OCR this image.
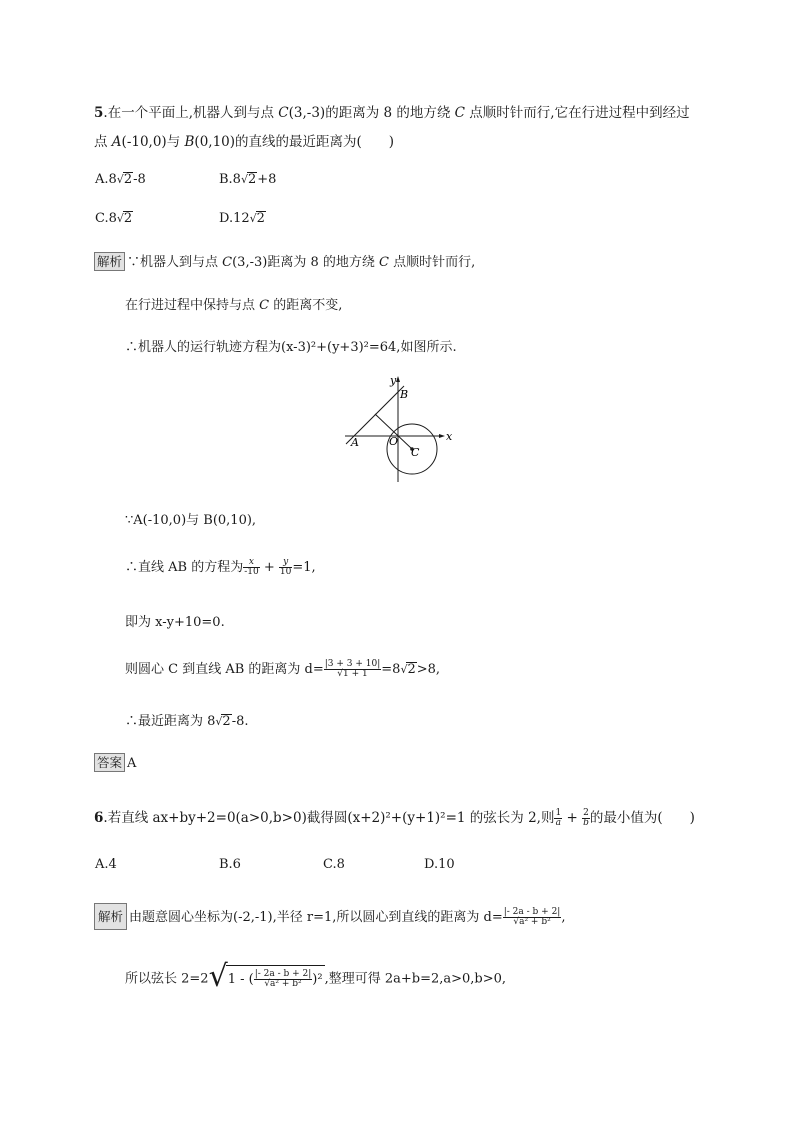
5.在一个平面上,机器人到与点 C(3,-3)的距离为 8 的地方绕 C 点顺时针而行,它在行进过程中到经过
点 A(-10,0)与 B(0,10)的直线的最近距离为(　　)
A.8√2-8	B.8√2+8
C.8√2	D.12√2
解析 ∵机器人到与点 C(3,-3)距离为 8 的地方绕 C 点顺时针而行,
在行进过程中保持与点 C 的距离不变,
∴机器人的运行轨迹方程为(x-3)²+(y+3)²=64,如图所示.
y
x
B
A	O
C
∵A(-10,0)与 B(0,10),
∴直线 AB 的方程为 $\frac{x}{-10} + \frac{y}{10} =1$,
即为 x-y+10=0.
则圆心 C 到直线 AB 的距离为 $d= \frac{|3 + 3 + 10|}{√1 + 1} =8√2>8$,
∴最近距离为 8√2-8.
答案 A
6.若直线 ax+by+2=0(a>0,b>0)截得圆(x+2)²+(y+1)²=1 的弦长为 2,则 $\frac{1}{a} + \frac{2}{b}$ 的最小值为(　　)
A.4	B.6	C.8	D.10
解析 由题意圆心坐标为(-2,-1),半径 r=1,所以圆心到直线的距离为 $d= \frac{|- 2a - b + 2|}{\text{√a² + b²}}$ ,
所以弦长 2=2√1 - ( $\frac{|- 2a - b + 2|}{\text{√a² + b²}} )^2$ ,整理可得 2a+b=2,a>0,b>0,
